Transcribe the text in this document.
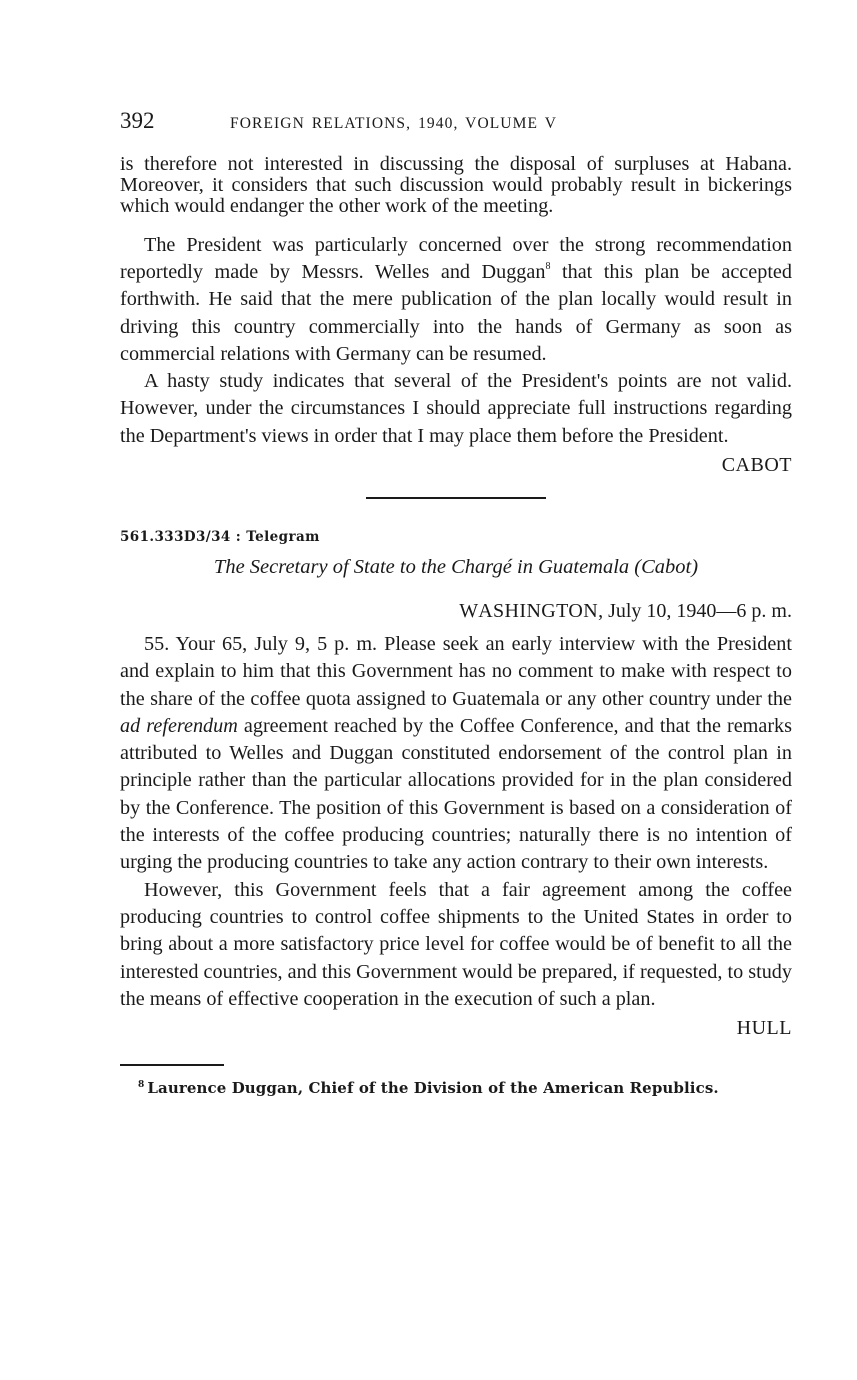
392	FOREIGN RELATIONS, 1940, VOLUME V

is therefore not interested in discussing the disposal of surpluses at Habana. Moreover, it considers that such discussion would probably result in bickerings which would endanger the other work of the meeting.

The President was particularly concerned over the strong recommendation reportedly made by Messrs. Welles and Duggan$^8$ that this plan be accepted forthwith. He said that the mere publication of the plan locally would result in driving this country commercially into the hands of Germany as soon as commercial relations with Germany can be resumed.

A hasty study indicates that several of the President's points are not valid. However, under the circumstances I should appreciate full instructions regarding the Department's views in order that I may place them before the President.

CABOT
561.333D3/34 : Telegram
The Secretary of State to the Chargé in Guatemala (Cabot)
WASHINGTON, July 10, 1940—6 p. m.

55. Your 65, July 9, 5 p. m. Please seek an early interview with the President and explain to him that this Government has no comment to make with respect to the share of the coffee quota assigned to Guatemala or any other country under the ad referendum agreement reached by the Coffee Conference, and that the remarks attributed to Welles and Duggan constituted endorsement of the control plan in principle rather than the particular allocations provided for in the plan considered by the Conference. The position of this Government is based on a consideration of the interests of the coffee producing countries; naturally there is no intention of urging the producing countries to take any action contrary to their own interests.

However, this Government feels that a fair agreement among the coffee producing countries to control coffee shipments to the United States in order to bring about a more satisfactory price level for coffee would be of benefit to all the interested countries, and this Government would be prepared, if requested, to study the means of effective cooperation in the execution of such a plan.

HULL
$^8$ Laurence Duggan, Chief of the Division of the American Republics.
